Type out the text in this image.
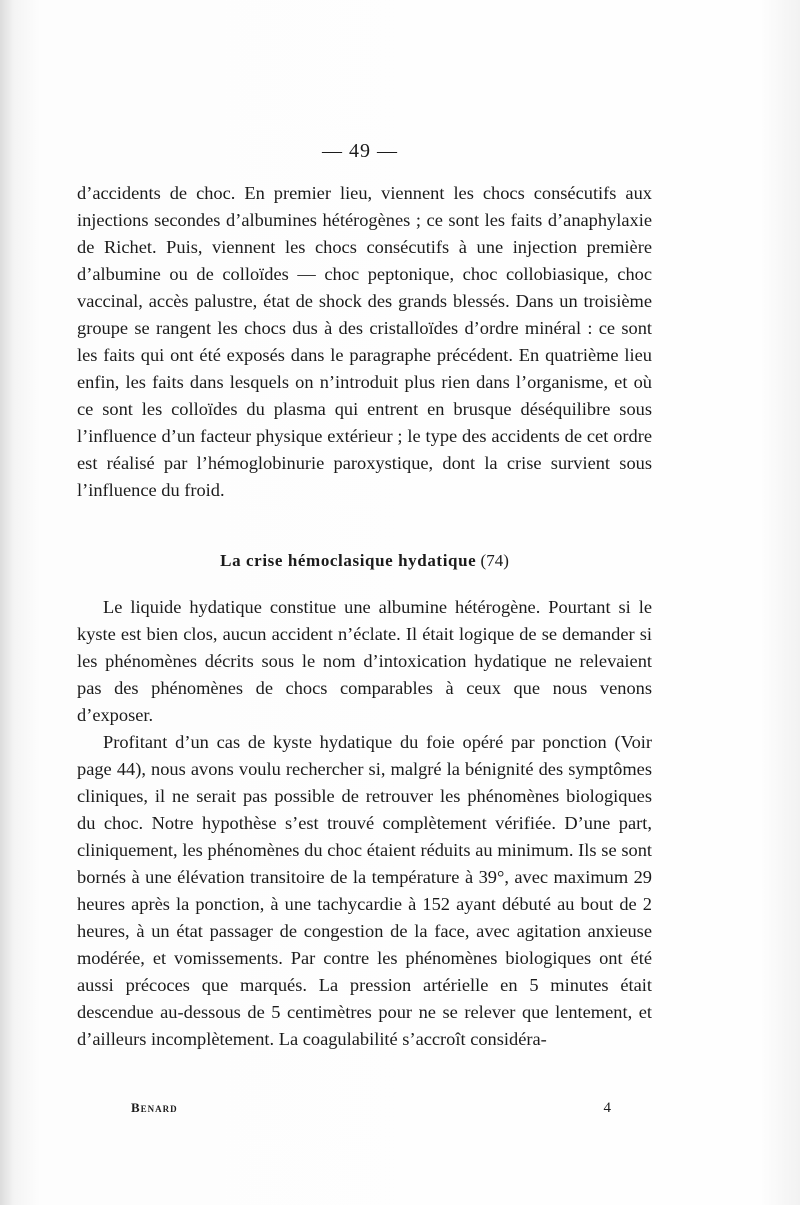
— 49 —

d’accidents de choc. En premier lieu, viennent les chocs consécutifs aux injections secondes d’albumines hétérogènes ; ce sont les faits d’anaphylaxie de Richet. Puis, viennent les chocs consécutifs à une injection première d’albumine ou de colloïdes — choc peptonique, choc collobiasique, choc vaccinal, accès palustre, état de shock des grands blessés. Dans un troisième groupe se rangent les chocs dus à des cristalloïdes d’ordre minéral : ce sont les faits qui ont été exposés dans le paragraphe précédent. En quatrième lieu enfin, les faits dans lesquels on n’introduit plus rien dans l’organisme, et où ce sont les colloïdes du plasma qui entrent en brusque déséquilibre sous l’influence d’un facteur physique extérieur ; le type des accidents de cet ordre est réalisé par l’hémoglobinurie paroxystique, dont la crise survient sous l’influence du froid.

La crise hémoclasique hydatique (74)

Le liquide hydatique constitue une albumine hétérogène. Pourtant si le kyste est bien clos, aucun accident n’éclate. Il était logique de se demander si les phénomènes décrits sous le nom d’intoxication hydatique ne relevaient pas des phénomènes de chocs comparables à ceux que nous venons d’exposer.

Profitant d’un cas de kyste hydatique du foie opéré par ponction (Voir page 44), nous avons voulu rechercher si, malgré la bénignité des symptômes cliniques, il ne serait pas possible de retrouver les phénomènes biologiques du choc. Notre hypothèse s’est trouvé complètement vérifiée. D’une part, cliniquement, les phénomènes du choc étaient réduits au minimum. Ils se sont bornés à une élévation transitoire de la température à 39°, avec maximum 29 heures après la ponction, à une tachycardie à 152 ayant débuté au bout de 2 heures, à un état passager de congestion de la face, avec agitation anxieuse modérée, et vomissements. Par contre les phénomènes biologiques ont été aussi précoces que marqués. La pression artérielle en 5 minutes était descendue au-dessous de 5 centimètres pour ne se relever que lentement, et d’ailleurs incomplètement. La coagulabilité s’accroît considéra-

Benard	4
